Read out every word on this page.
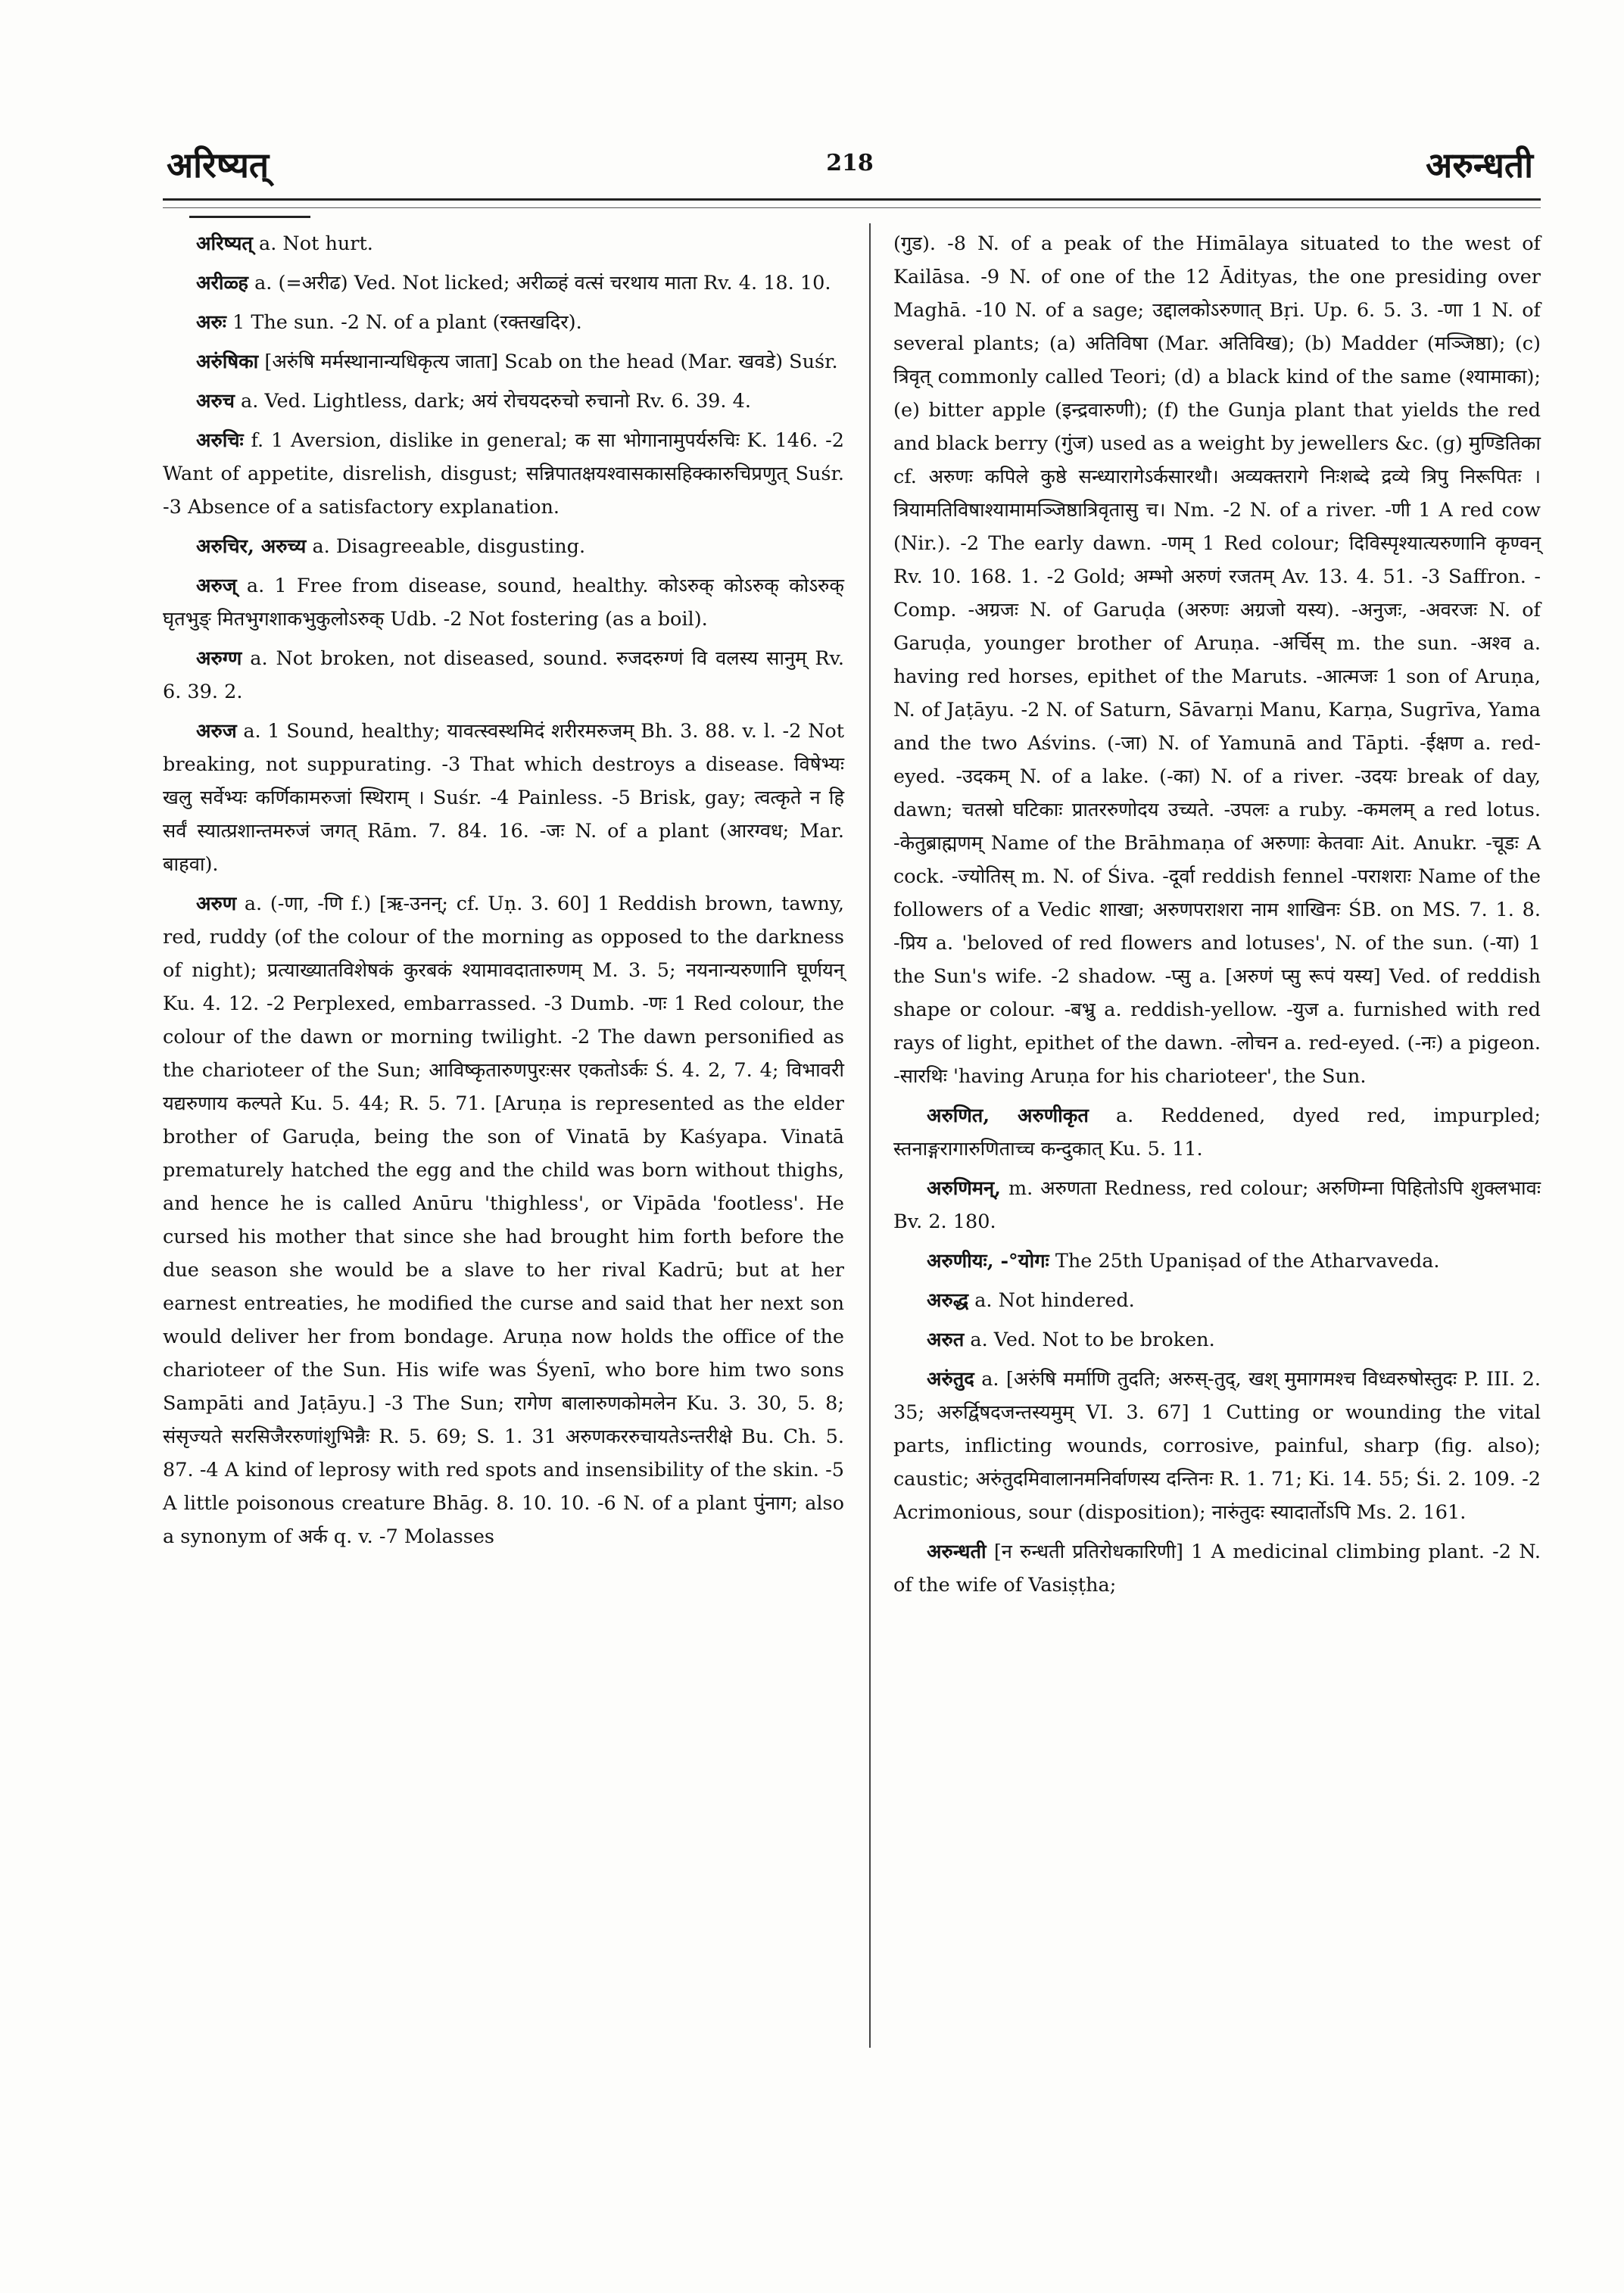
अरिष्यत्	218	अरुन्धती

अरिष्यत् a. Not hurt.

अरीळ्ह a. (=अरीढ) Ved. Not licked; अरीळ्हं वत्सं चरथाय माता Rv. 4. 18. 10.

अरुः 1 The sun. -2 N. of a plant (रक्तखदिर).

अरुंषिका [अरुंषि मर्मस्थानान्यधिकृत्य जाता] Scab on the head (Mar. खवडे) Suśr.

अरुच a. Ved. Lightless, dark; अयं रोचयदरुचो रुचानो Rv. 6. 39. 4.

अरुचिः f. 1 Aversion, dislike in general; क सा भोगानामुपर्यरुचिः K. 146. -2 Want of appetite, disrelish, disgust; सन्निपातक्षयश्वासकासहिक्कारुचिप्रणुत् Suśr. -3 Absence of a satisfactory explanation.

अरुचिर, अरुच्य a. Disagreeable, disgusting.

अरुज् a. 1 Free from disease, sound, healthy. कोऽरुक् कोऽरुक् कोऽरुक् घृतभुङ् मितभुगशाकभुकुलोऽरुक् Udb. -2 Not fostering (as a boil).

अरुग्ण a. Not broken, not diseased, sound. रुजदरुग्णं वि वलस्य सानुम् Rv. 6. 39. 2.

अरुज a. 1 Sound, healthy; यावत्स्वस्थमिदं शरीरमरुजम् Bh. 3. 88. v. l. -2 Not breaking, not suppurating. -3 That which destroys a disease. विषेभ्यः खलु सर्वेभ्यः कर्णिकामरुजां स्थिराम् । Suśr. -4 Painless. -5 Brisk, gay; त्वत्कृते न हि सर्वं स्यात्प्रशान्तमरुजं जगत् Rām. 7. 84. 16. -जः N. of a plant (आरग्वध; Mar. बाहवा).

अरुण a. (-णा, -णि f.) [ऋ-उनन्; cf. Uṇ. 3. 60] 1 Reddish brown, tawny, red, ruddy (of the colour of the morning as opposed to the darkness of night); प्रत्याख्यातविशेषकं कुरबकं श्यामावदातारुणम् M. 3. 5; नयनान्यरुणानि घूर्णयन् Ku. 4. 12. -2 Perplexed, embarrassed. -3 Dumb. -णः 1 Red colour, the colour of the dawn or morning twilight. -2 The dawn personified as the charioteer of the Sun; आविष्कृतारुणपुरःसर एकतोऽर्कः Ś. 4. 2, 7. 4; विभावरी यद्यरुणाय कल्पते Ku. 5. 44; R. 5. 71. [Aruṇa is represented as the elder brother of Garuḍa, being the son of Vinatā by Kaśyapa. Vinatā prematurely hatched the egg and the child was born without thighs, and hence he is called Anūru 'thighless', or Vipāda 'footless'. He cursed his mother that since she had brought him forth before the due season she would be a slave to her rival Kadrū; but at her earnest entreaties, he modified the curse and said that her next son would deliver her from bondage. Aruṇa now holds the office of the charioteer of the Sun. His wife was Śyenī, who bore him two sons Sampāti and Jaṭāyu.] -3 The Sun; रागेण बालारुणकोमलेन Ku. 3. 30, 5. 8; संसृज्यते सरसिजैररुणांशुभिन्नैः R. 5. 69; S. 1. 31 अरुणकररुचायतेऽन्तरीक्षे Bu. Ch. 5. 87. -4 A kind of leprosy with red spots and insensibility of the skin. -5 A little poisonous creature Bhāg. 8. 10. 10. -6 N. of a plant पुंनाग; also a synonym of अर्क q. v. -7 Molasses

(गुड). -8 N. of a peak of the Himālaya situated to the west of Kailāsa. -9 N. of one of the 12 Ādityas, the one presiding over Maghā. -10 N. of a sage; उद्दालकोऽरुणात् Bṛi. Up. 6. 5. 3. -णा 1 N. of several plants; (a) अतिविषा (Mar. अतिविख); (b) Madder (मञ्जिष्ठा); (c) त्रिवृत् commonly called Teori; (d) a black kind of the same (श्यामाका); (e) bitter apple (इन्द्रवारुणी); (f) the Gunja plant that yields the red and black berry (गुंज) used as a weight by jewellers &c. (g) मुण्डितिका cf. अरुणः कपिले कुष्ठे सन्ध्यारागेऽर्कसारथौ। अव्यक्तरागे निःशब्दे द्रव्ये त्रिपु निरूपितः । त्रियामतिविषाश्यामामञ्जिष्ठात्रिवृतासु च। Nm. -2 N. of a river. -णी 1 A red cow (Nir.). -2 The early dawn. -णम् 1 Red colour; दिविस्पृश्यात्यरुणानि कृण्वन् Rv. 10. 168. 1. -2 Gold; अम्भो अरुणं रजतम् Av. 13. 4. 51. -3 Saffron. -Comp. -अग्रजः N. of Garuḍa (अरुणः अग्रजो यस्य). -अनुजः, -अवरजः N. of Garuḍa, younger brother of Aruṇa. -अर्चिस् m. the sun. -अश्व a. having red horses, epithet of the Maruts. -आत्मजः 1 son of Aruṇa, N. of Jaṭāyu. -2 N. of Saturn, Sāvarṇi Manu, Karṇa, Sugrīva, Yama and the two Aśvins. (-जा) N. of Yamunā and Tāpti. -ईक्षण a. red-eyed. -उदकम् N. of a lake. (-का) N. of a river. -उदयः break of day, dawn; चतस्रो घटिकाः प्रातररुणोदय उच्यते. -उपलः a ruby. -कमलम् a red lotus. -केतुब्राह्मणम् Name of the Brāhmaṇa of अरुणाः केतवाः Ait. Anukr. -चूडः A cock. -ज्योतिस् m. N. of Śiva. -दूर्वा reddish fennel -पराशराः Name of the followers of a Vedic शाखा; अरुणपराशरा नाम शाखिनः ŚB. on MS. 7. 1. 8. -प्रिय a. 'beloved of red flowers and lotuses', N. of the sun. (-या) 1 the Sun's wife. -2 shadow. -प्सु a. [अरुणं प्सु रूपं यस्य] Ved. of reddish shape or colour. -बभ्रु a. reddish-yellow. -युज a. furnished with red rays of light, epithet of the dawn. -लोचन a. red-eyed. (-नः) a pigeon. -सारथिः 'having Aruṇa for his charioteer', the Sun.

अरुणित, अरुणीकृत a. Reddened, dyed red, impurpled; स्तनाङ्गरागारुणिताच्च कन्दुकात् Ku. 5. 11.

अरुणिमन्, m. अरुणता Redness, red colour; अरुणिम्ना पिहितोऽपि शुक्लभावः Bv. 2. 180.

अरुणीयः, -°योगः The 25th Upaniṣad of the Atharvaveda.

अरुद्ध a. Not hindered.

अरुत a. Ved. Not to be broken.

अरुंतुद a. [अरुंषि मर्माणि तुदति; अरुस्-तुद्, खश् मुमागमश्च विध्वरुषोस्तुदः P. III. 2. 35; अरुर्द्विषदजन्तस्यमुम् VI. 3. 67] 1 Cutting or wounding the vital parts, inflicting wounds, corrosive, painful, sharp (fig. also); caustic; अरुंतुदमिवालानमनिर्वाणस्य दन्तिनः R. 1. 71; Ki. 14. 55; Śi. 2. 109. -2 Acrimonious, sour (disposition); नारुंतुदः स्यादार्तोऽपि Ms. 2. 161.

अरुन्धती [न रुन्धती प्रतिरोधकारिणी] 1 A medicinal climbing plant. -2 N. of the wife of Vasiṣṭha;
